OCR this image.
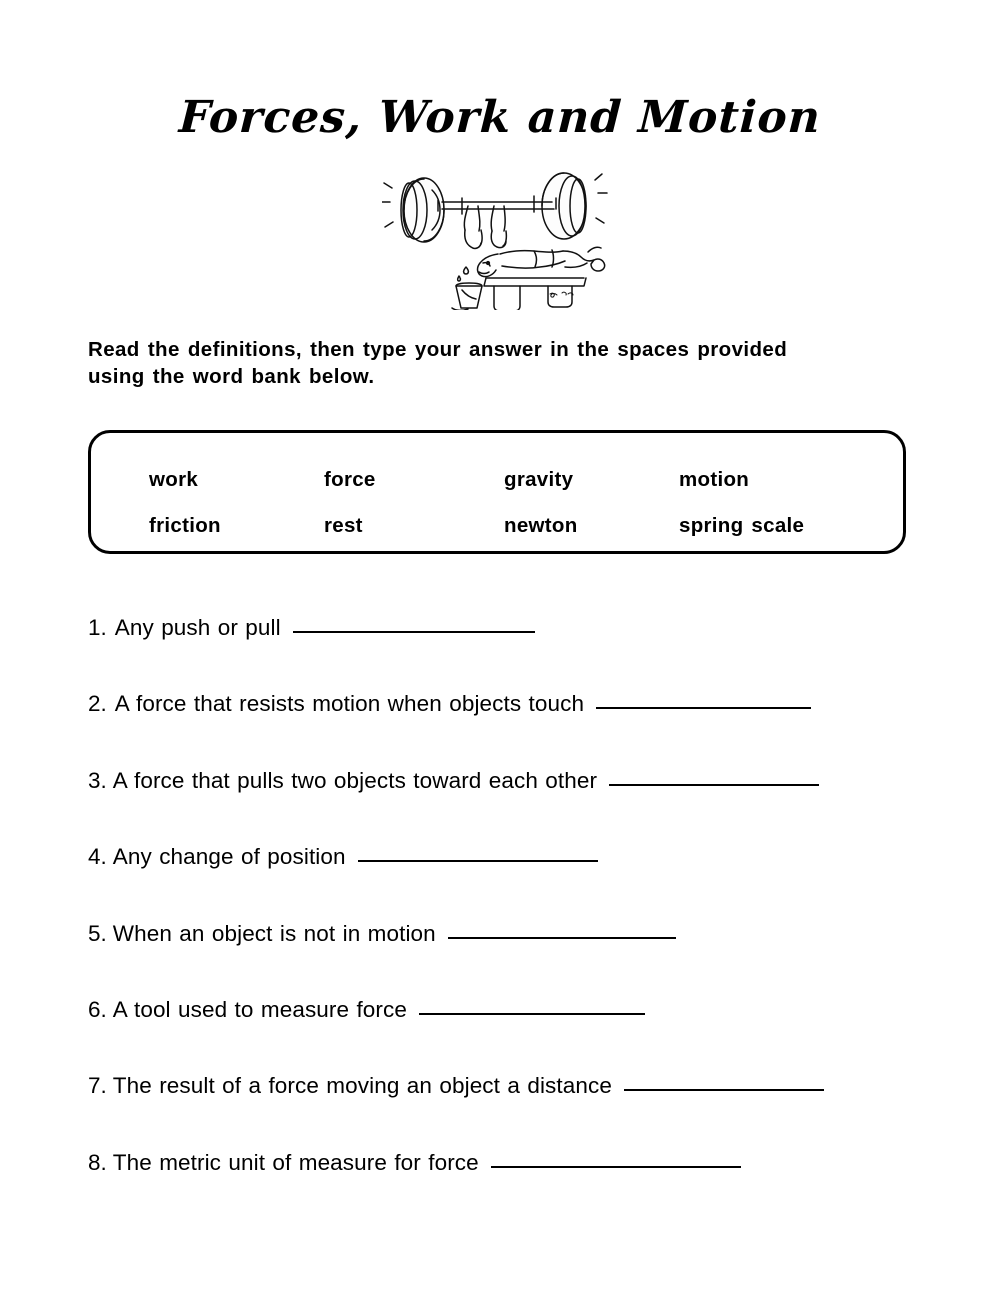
Forces, Work and Motion
Read the definitions, then type your answer in the spaces provided using the word bank below.
work	force	gravity	motion
friction	rest	newton	spring scale
1. Any push or pull
2. A force that resists motion when objects touch
3. A force that pulls two objects toward each other
4. Any change of position
5. When an object is not in motion
6. A tool used to measure force
7. The result of a force moving an object a distance
8. The metric unit of measure for force
